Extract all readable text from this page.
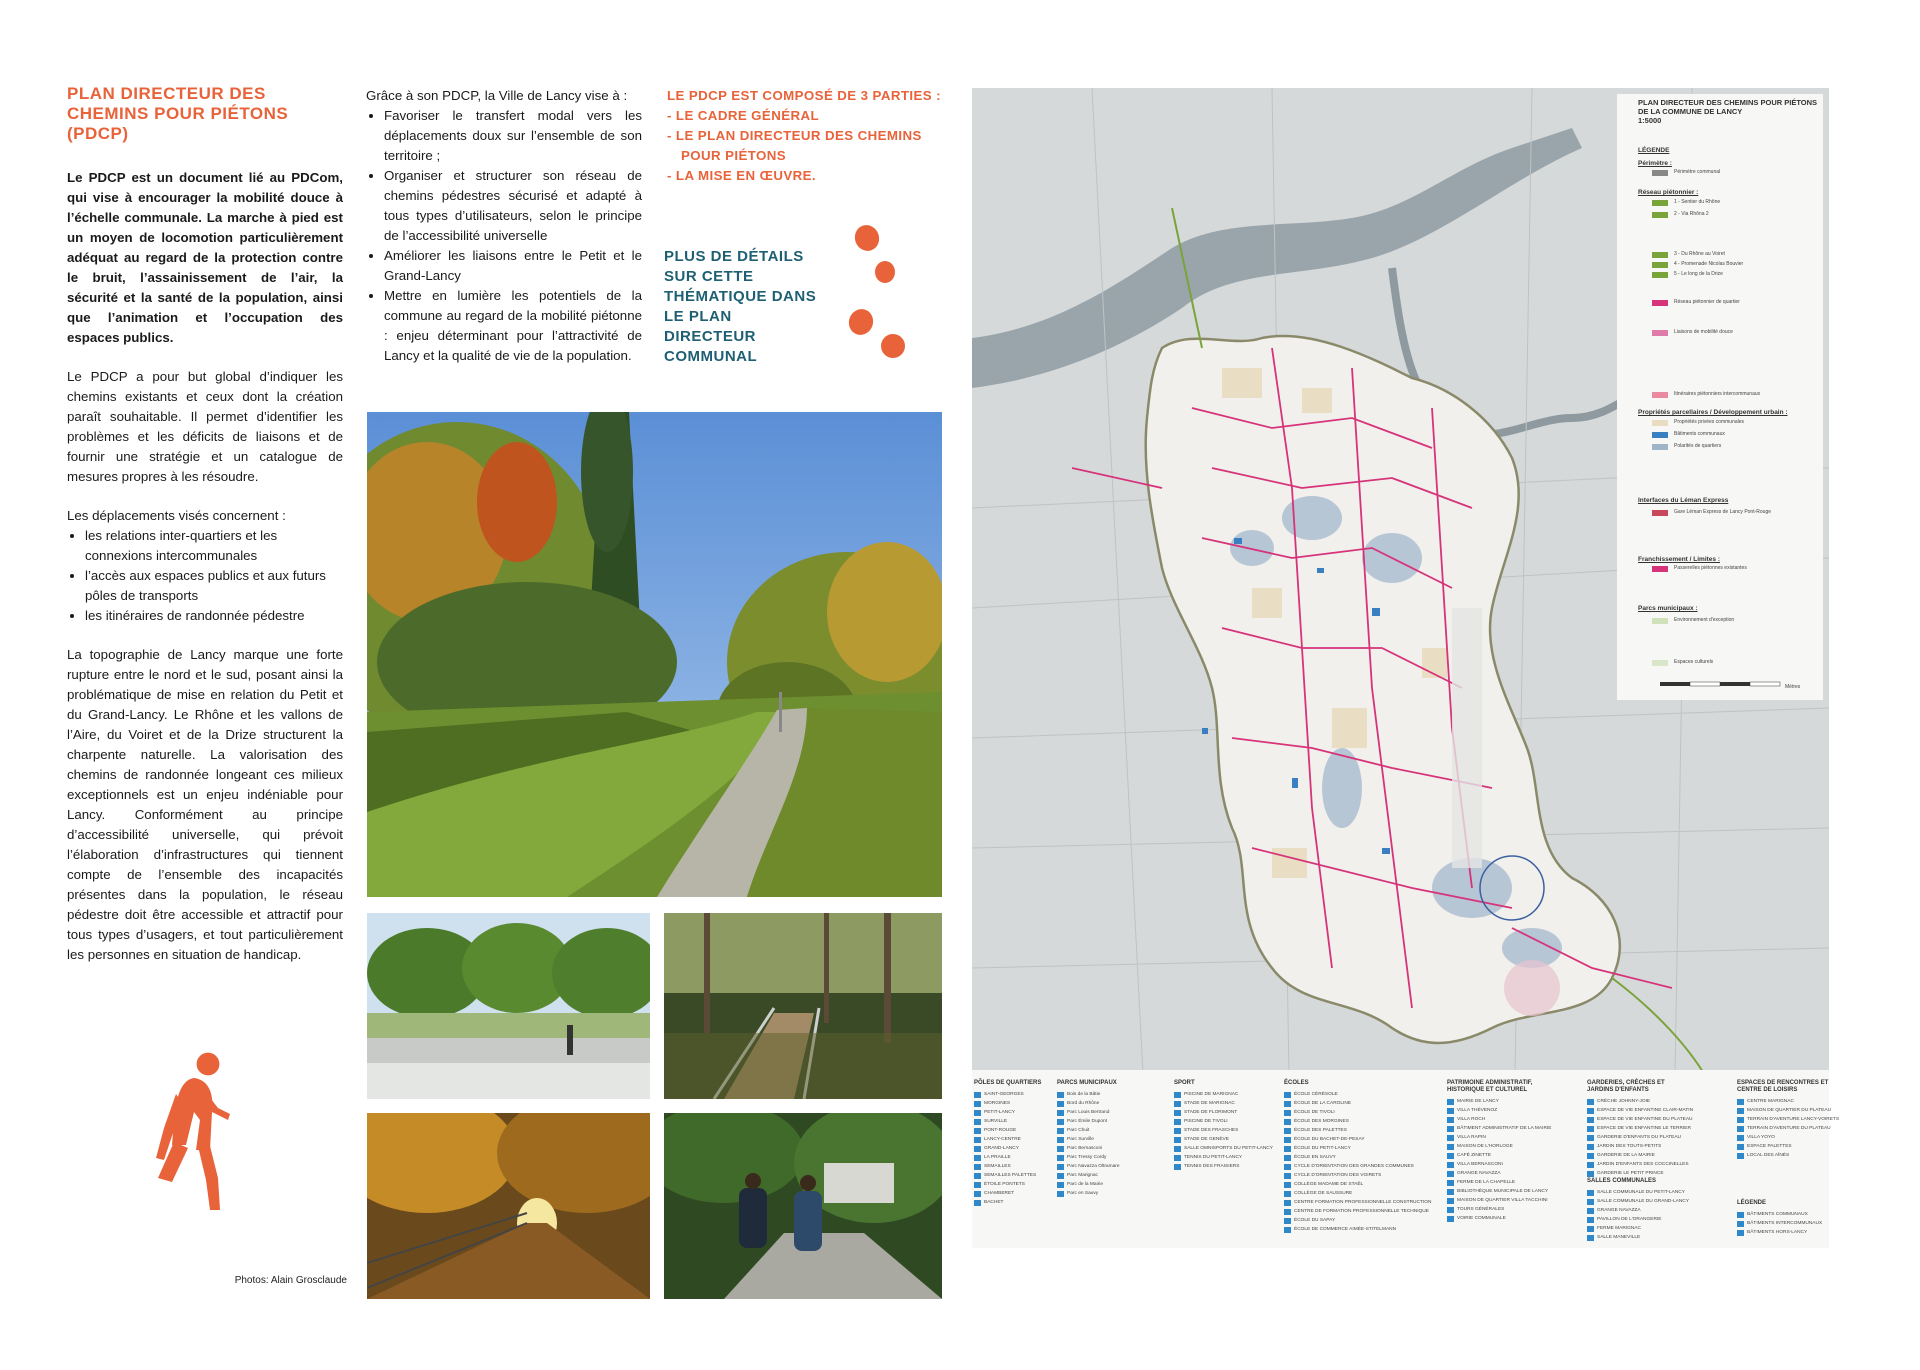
PLAN DIRECTEUR DES CHEMINS POUR PIÉTONS (PDCP)

Le PDCP est un document lié au PDCom, qui vise à encourager la mobilité douce à l’échelle communale. La marche à pied est un moyen de locomotion particulièrement adéquat au regard de la protection contre le bruit, l’assainissement de l’air, la sécurité et la santé de la population, ainsi que l’animation et l’occupation des espaces publics.

Le PDCP a pour but global d’indiquer les chemins existants et ceux dont la création paraît souhaitable. Il permet d’identifier les problèmes et les déficits de liaisons et de fournir une stratégie et un catalogue de mesures propres à les résoudre.

Les déplacements visés concernent :

• les relations inter-quartiers et les connexions intercommunales
• l’accès aux espaces publics et aux futurs pôles de transports
• les itinéraires de randonnée pédestre

La topographie de Lancy marque une forte rupture entre le nord et le sud, posant ainsi la problématique de mise en relation du Petit et du Grand-Lancy. Le Rhône et les vallons de l’Aire, du Voiret et de la Drize structurent la charpente naturelle. La valorisation des chemins de randonnée longeant ces milieux exceptionnels est un enjeu indéniable pour Lancy. Conformément au principe d’accessibilité universelle, qui prévoit l’élaboration d’infrastructures qui tiennent compte de l’ensemble des incapacités présentes dans la population, le réseau pédestre doit être accessible et attractif pour tous types d’usagers, et tout particulièrement les personnes en situation de handicap.

Grâce à son PDCP, la Ville de Lancy vise à :

• Favoriser le transfert modal vers les déplacements doux sur l’ensemble de son territoire ;
• Organiser et structurer son réseau de chemins pédestres sécurisé et adapté à tous types d’utilisateurs, selon le principe de l’accessibilité universelle
• Améliorer les liaisons entre le Petit et le Grand-Lancy
• Mettre en lumière les potentiels de la commune au regard de la mobilité piétonne : enjeu déterminant pour l’attractivité de Lancy et la qualité de vie de la population.
LE PDCP EST COMPOSÉ DE 3 PARTIES :
- LE CADRE GÉNÉRAL
- LE PLAN DIRECTEUR DES CHEMINS POUR PIÉTONS
- LA MISE EN ŒUVRE.
PLUS DE DÉTAILS SUR CETTE THÉMATIQUE DANS LE PLAN DIRECTEUR COMMUNAL
Photos: Alain Grosclaude
PLAN DIRECTEUR DES CHEMINS POUR PIÉTONS DE LA COMMUNE DE LANCY
1:5000
LÉGENDE
Périmètre :
Réseau piétonnier :
Propriétés parcellaires / Développement urbain :
Interfaces du Léman Express
Franchissement / Limites :
Parcs municipaux :
Périmètre communal
1 - Sentier du Rhône
2 - Via Rhôna 2
3 - Du Rhône au Voiret
4 - Promenade Nicolas Bouvier
5 - Le long de la Drize
Réseau piétonnier de quartier
Liaisons de mobilité douce
Itinéraires piétonniers intercommunaux
Propriétés privées communales
Bâtiments communaux
Polarités de quartiers
Gare Léman Express de Lancy Pont-Rouge
Passerelles piétonnes existantes
Environnement d'exception
Espaces culturels
Mètres
PÔLES DE QUARTIERS
SAINT-GEORGES
MORGINES
PETIT-LANCY
SURVILLE
PONT-ROUGE
LANCY-CENTRE
GRAND-LANCY
LA PRAILLE
SEMAILLES
SEMAILLES PALETTES
ÉTOILE PONTETS
CHAMBERET
BACHET
PARCS MUNICIPAUX
Bois de la Bâtie
Bord du Rhône
Parc Louis Bertrand
Parc Émile Dupont
Parc Chuit
Parc Surville
Parc Bernasconi
Parc Tressy Cordy
Parc Navazza Oltramare
Parc Marignac
Parc de la Mairie
Parc en Sauvy
SPORT
PISCINE DE MARIGNAC
STADE DE MARIGNAC
STADE DE FLORIMONT
PISCINE DE TIVOLI
STADE DES FRASCHES
STADE DE GENÈVE
SALLE OMNISPORTS DU PETIT-LANCY
TENNIS DU PETIT-LANCY
TENNIS DES FRAISIERS
ÉCOLES
ÉCOLE CÉRÉSOLE
ÉCOLE DE LA CAROLINE
ÉCOLE DE TIVOLI
ÉCOLE DES MORGINES
ÉCOLE DES PALETTES
ÉCOLE DU BACHET-DE-PESAY
ÉCOLE DU PETIT-LANCY
ÉCOLE EN SAUVY
CYCLE D'ORIENTATION DES GRANDES COMMUNES
CYCLE D'ORIENTATION DES VOIRETS
COLLÈGE MADAME DE STAËL
COLLÈGE DE SAUSSURE
CENTRE FORMATION PROFESSIONNELLE CONSTRUCTION
CENTRE DE FORMATION PROFESSIONNELLE TECHNIQUE
ÉCOLE DU SAPAY
ÉCOLE DE COMMERCE AIMÉE-STITELMANN
PATRIMOINE ADMINISTRATIF, HISTORIQUE ET CULTUREL
MAIRIE DE LANCY
VILLA THÉVENOZ
VILLA ROCH
BÂTIMENT ADMINISTRATIF DE LA MAIRIE
VILLA RAPIN
MAISON DE L'HORLOGE
CAFÉ ZINETTE
VILLA BERNASCONI
GRANGE NAVAZZA
FERME DE LA CHAPELLE
BIBLIOTHÈQUE MUNICIPALE DE LANCY
MAISON DE QUARTIER VILLA TACCHINI
TOURS GÉNÉRALES
VOIRIE COMMUNALE
GARDERIES, CRÈCHES ET JARDINS D'ENFANTS
CRÈCHE JOHNNY-JOIE
ESPACE DE VIE ENFANTINE CLAIR-MATIN
ESPACE DE VIE ENFANTINE DU PLATEAU
ESPACE DE VIE ENFANTINE LE TERRIER
GARDERIE D'ENFANTS DU PLATEAU
JARDIN DES TOUTS-PETITS
GARDERIE DE LA MAIRIE
JARDIN D'ENFANTS DES COCCINELLES
GARDERIE LE PETIT PRINCE
ESPACES DE RENCONTRES ET CENTRE DE LOISIRS
CENTRE MARIGNAC
MAISON DE QUARTIER DU PLATEAU
TERRAIN D'AVENTURE LANCY-VOIRETS
TERRAIN D'AVENTURE DU PLATEAU
VILLA YOYO
ESPACE PALETTES
LOCAL DES AÎNÉS
SALLES COMMUNALES
SALLE COMMUNALE DU PETIT-LANCY
SALLE COMMUNALE DU GRAND-LANCY
GRANGE NAVAZZA
PAVILLON DE L'ORANGERIE
FERME MARIGNAC
SALLE MANEVILLE
LÉGENDE
BÂTIMENTS COMMUNAUX
BÂTIMENTS INTERCOMMUNAUX
BÂTIMENTS HORS-LANCY
